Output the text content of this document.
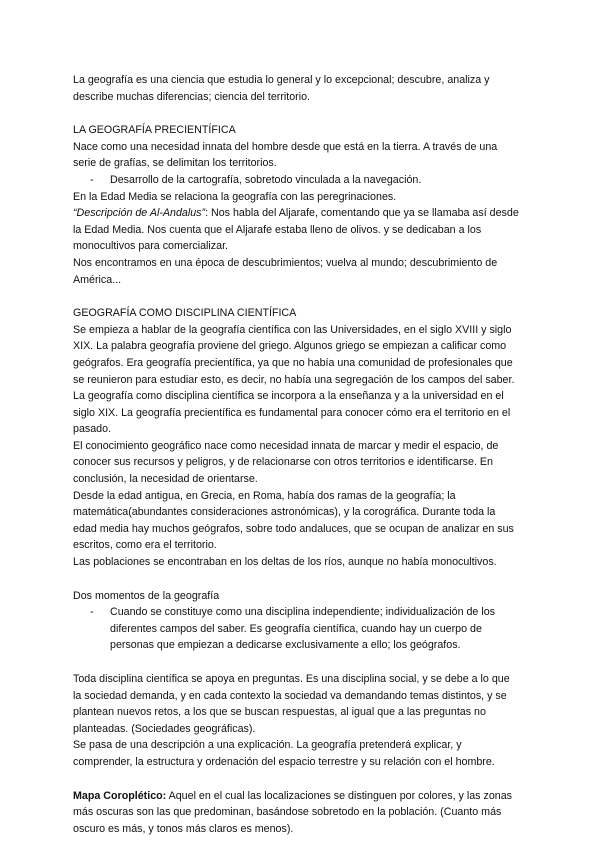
La geografía es una ciencia que estudia lo general y lo excepcional; descubre, analiza y describe muchas diferencias; ciencia del territorio.

LA GEOGRAFÍA PRECIENTÍFICA

Nace como una necesidad innata del hombre desde que está en la tierra. A través de una serie de grafías, se delimitan los territorios.

-	Desarrollo de la cartografía, sobretodo vinculada a la navegación.

En la Edad Media se relaciona la geografía con las peregrinaciones.

“Descripción de Al-Andalus”: Nos habla del Aljarafe, comentando que ya se llamaba así desde la Edad Media. Nos cuenta que el Aljarafe estaba lleno de olivos. y se dedicaban a los monocultivos para comercializar.

Nos encontramos en una época de descubrimientos; vuelva al mundo; descubrimiento de América...

GEOGRAFÍA COMO DISCIPLINA CIENTÍFICA

Se empieza a hablar de la geografía científica con las Universidades, en el siglo XVIII y siglo XIX. La palabra geografía proviene del griego. Algunos griego se empiezan a calificar como geógrafos. Era geografía precientífica, ya que no había una comunidad de profesionales que se reunieron para estudiar esto, es decir, no había una segregación de los campos del saber.

La geografía como disciplina científica se incorpora a la enseñanza y a la universidad en el siglo XIX. La geografía precientífica es fundamental para conocer cómo era el territorio en el pasado.

El conocimiento geográfico nace como necesidad innata de marcar y medir el espacio, de conocer sus recursos y peligros, y de relacionarse con otros territorios e identificarse. En conclusión, la necesidad de orientarse.

Desde la edad antigua, en Grecia, en Roma, había dos ramas de la geografía; la matemática(abundantes consideraciones astronómicas), y la corográfica. Durante toda la edad media hay muchos geógrafos, sobre todo andaluces, que se ocupan de analizar en sus escritos, como era el territorio.

Las poblaciones se encontraban en los deltas de los ríos, aunque no había monocultivos.

Dos momentos de la geografía

-	Cuando se constituye como una disciplina independiente; individualización de los diferentes campos del saber. Es geografía científica, cuando hay un cuerpo de personas que empiezan a dedicarse exclusivamente a ello; los geógrafos.

Toda disciplina científica se apoya en preguntas. Es una disciplina social, y se debe a lo que la sociedad demanda, y en cada contexto la sociedad va demandando temas distintos, y se plantean nuevos retos, a los que se buscan respuestas, al igual que a las preguntas no planteadas. (Sociedades geográficas).

Se pasa de una descripción a una explicación. La geografía pretenderá explicar, y comprender, la estructura y ordenación del espacio terrestre y su relación con el hombre.

Mapa Coroplético: Aquel en el cual las localizaciones se distinguen por colores, y las zonas más oscuras son las que predominan, basándose sobretodo en la población. (Cuanto más oscuro es más, y tonos más claros es menos).
